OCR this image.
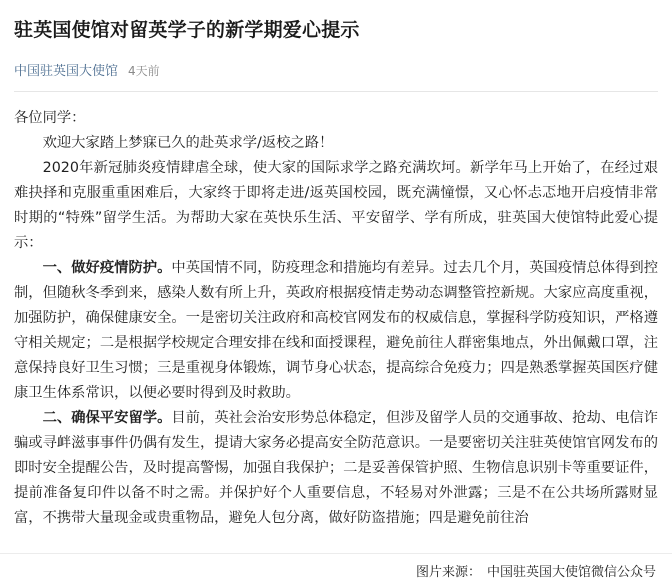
驻英国使馆对留英学子的新学期爱心提示
中国驻英国大使馆 4天前

各位同学：

欢迎大家踏上梦寐已久的赴英求学/返校之路！

2020年新冠肺炎疫情肆虐全球，使大家的国际求学之路充满坎坷。新学年马上开始了，在经过艰难抉择和克服重重困难后，大家终于即将走进/返英国校园，既充满憧憬，又心怀忐忑地开启疫情非常时期的“特殊”留学生活。为帮助大家在英快乐生活、平安留学、学有所成，驻英国大使馆特此爱心提示：

一、做好疫情防护。中英国情不同，防疫理念和措施均有差异。过去几个月，英国疫情总体得到控制，但随秋冬季到来，感染人数有所上升，英政府根据疫情走势动态调整管控新规。大家应高度重视，加强防护，确保健康安全。一是密切关注政府和高校官网发布的权威信息，掌握科学防疫知识，严格遵守相关规定；二是根据学校规定合理安排在线和面授课程，避免前往人群密集地点，外出佩戴口罩，注意保持良好卫生习惯；三是重视身体锻炼，调节身心状态，提高综合免疫力；四是熟悉掌握英国医疗健康卫生体系常识，以便必要时得到及时救助。

二、确保平安留学。目前，英社会治安形势总体稳定，但涉及留学人员的交通事故、抢劫、电信诈骗或寻衅滋事事件仍偶有发生，提请大家务必提高安全防范意识。一是要密切关注驻英使馆官网发布的即时安全提醒公告，及时提高警惕，加强自我保护；二是妥善保管护照、生物信息识别卡等重要证件，提前准备复印件以备不时之需。并保护好个人重要信息，不轻易对外泄露；三是不在公共场所露财显富，不携带大量现金或贵重物品，避免人包分离，做好防盗措施；四是避免前往治

图片来源： 中国驻英国大使馆微信公众号
